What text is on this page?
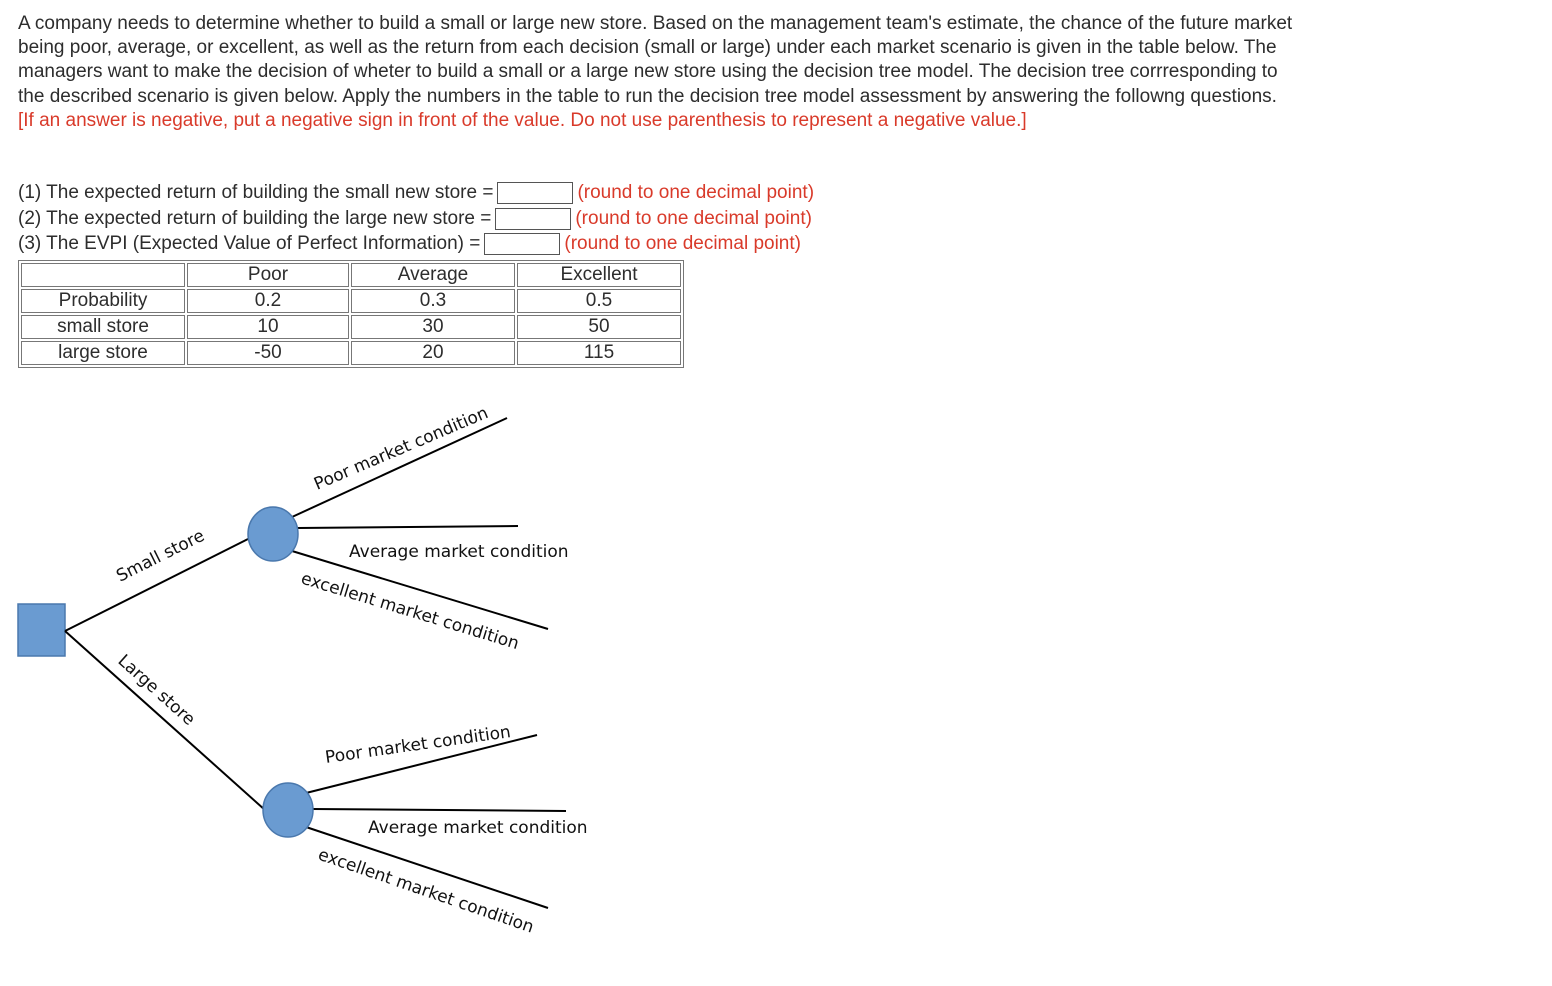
A company needs to determine whether to build a small or large new store. Based on the management team's estimate, the chance of the future market being poor, average, or excellent, as well as the return from each decision (small or large) under each market scenario is given in the table below. The managers want to make the decision of wheter to build a small or a large new store using the decision tree model. The decision tree corrresponding to the described scenario is given below. Apply the numbers in the table to run the decision tree model assessment by answering the followng questions. [If an answer is negative, put a negative sign in front of the value. Do not use parenthesis to represent a negative value.]
(1) The expected return of building the small new store =	(round to one decimal point)
(2) The expected return of building the large new store =	(round to one decimal point)
(3) The EVPI (Expected Value of Perfect Information) =	(round to one decimal point)
	Poor	Average	Excellent
Probability	0.2	0.3	0.5
small store	10	30	50
large store	-50	20	115
Small store
Large store
Poor market condition
Average market condition
excellent market condition
Poor market condition
Average market condition
excellent market condition
